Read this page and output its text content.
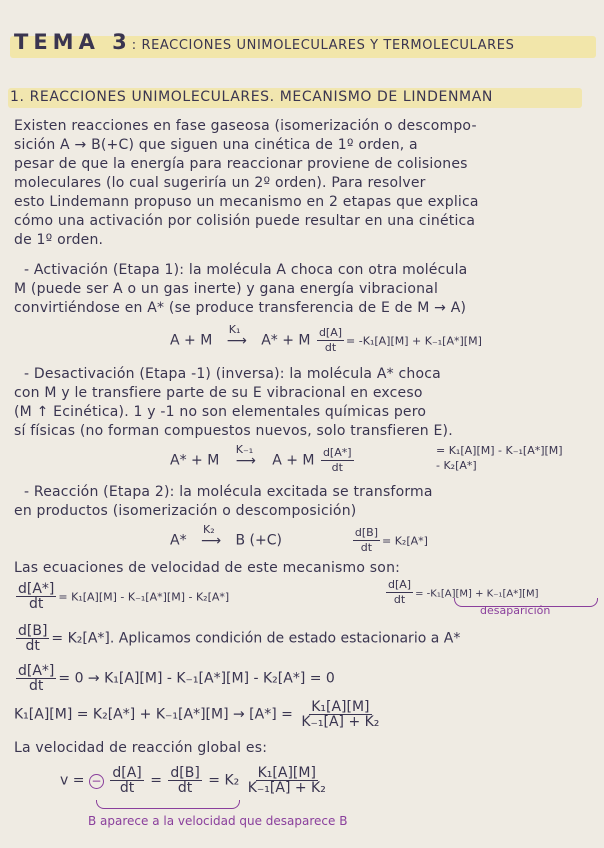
TEMA 3: REACCIONES UNIMOLECULARES Y TERMOLECULARES
1. REACCIONES UNIMOLECULARES. MECANISMO DE LINDENMAN
Existen reacciones en fase gaseosa (isomerización o descompo-
sición A → B(+C) que siguen una cinética de 1º orden, a
pesar de que la energía para reaccionar proviene de colisiones
moleculares (lo cual sugeriría un 2º orden). Para resolver
esto Lindemann propuso un mecanismo en 2 etapas que explica
cómo una activación por colisión puede resultar en una cinética
de 1º orden.
- Activación (Etapa 1): la molécula A choca con otra molécula
M (puede ser A o un gas inerte) y gana energía vibracional
convirtiéndose en A* (se produce transferencia de E de M → A)
A + M
K₁
⟶ A* + M $\frac{d[A]}{dt} = -K_1[A][M] + K_{-1}[A*][M]$
- Desactivación (Etapa -1) (inversa): la molécula A* choca
con M y le transfiere parte de su E vibracional en exceso
(M ↑ Ecinética). 1 y -1 no son elementales químicas pero
sí físicas (no forman compuestos nuevos, solo transfieren E).
A* + M
K₋₁
⟶ A + M $\frac{d[A*]}{dt}$	= K₁[A][M] - K₋₁[A*][M]
- K₂[A*]
- Reacción (Etapa 2): la molécula excitada se transforma
en productos (isomerización o descomposición)
A*
K₂
⟶ B (+C)	$\frac{d[B]}{dt} = K_2[A*]$
Las ecuaciones de velocidad de este mecanismo son:
$\frac{d[A*]}{dt} = K_1[A][M] - K_{-1}[A*][M] - K_2[A*]$	$\frac{d[A]}{dt} = -K_1[A][M] + K_{-1}[A*][M]$
desaparición
$\frac{d[B]}{dt} = K_2[A*]$. Aplicamos condición de estado estacionario a A*
$\frac{d[A*]}{dt} = 0 \to K_1[A][M] - K_{-1}[A*][M] - K_2[A*] = 0$
$K_1[A][M] = K_2[A*] + K_{-1}[A*][M] \to [A*] = \frac{\text{K₁[A][M]}}{\text{K₋₁[A] + K₂}}$
La velocidad de reacción global es:
v = − $\frac{d[A]}{dt} = \frac{d[B]}{dt} = K_2 \frac{\text{K₁[A][M]}}{\text{K₋₁[A] + K₂}}$
B aparece a la velocidad que desaparece B
